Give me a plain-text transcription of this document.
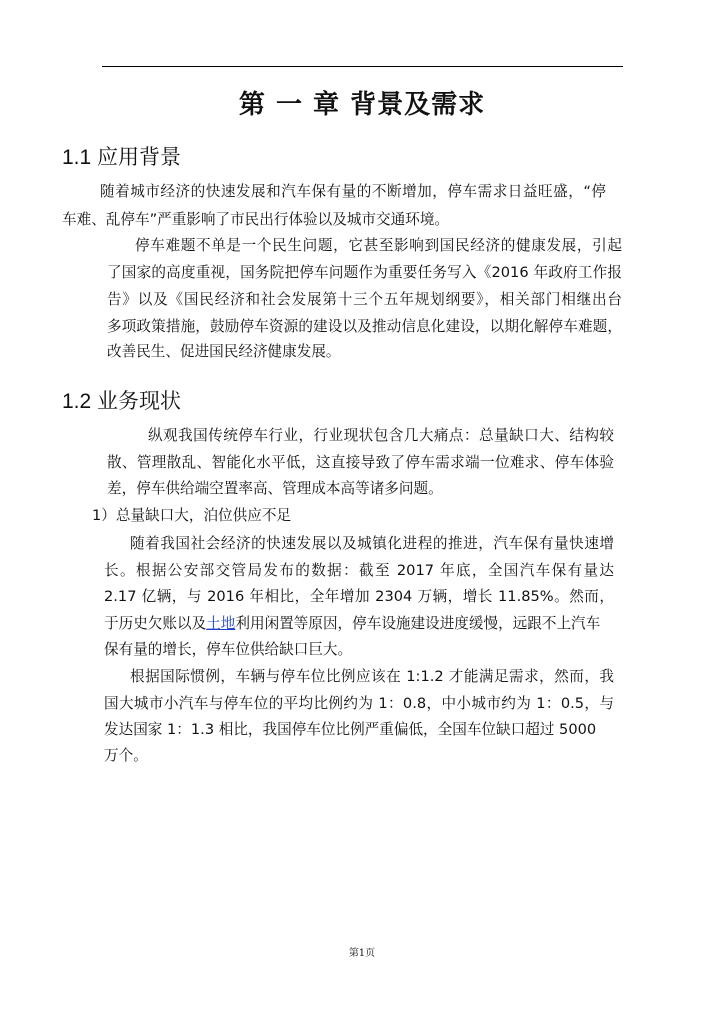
第 一 章 背景及需求
1.1 应用背景
随着城市经济的快速发展和汽车保有量的不断增加，停车需求日益旺盛，“停
车难、乱停车”严重影响了市民出行体验以及城市交通环境。
停车难题不单是一个民生问题，它甚至影响到国民经济的健康发展，引起
了国家的高度重视，国务院把停车问题作为重要任务写入《2016 年政府工作报
告》以及《国民经济和社会发展第十三个五年规划纲要》，相关部门相继出台
多项政策措施，鼓励停车资源的建设以及推动信息化建设，以期化解停车难题，
改善民生、促进国民经济健康发展。
1.2 业务现状
纵观我国传统停车行业，行业现状包含几大痛点：总量缺口大、结构较
散、管理散乱、智能化水平低，这直接导致了停车需求端一位难求、停车体验
差，停车供给端空置率高、管理成本高等诸多问题。
1）总量缺口大，泊位供应不足
随着我国社会经济的快速发展以及城镇化进程的推进，汽车保有量快速增
长。根据公安部交管局发布的数据：截至 2017 年底，全国汽车保有量达
2.17 亿辆，与 2016 年相比，全年增加 2304 万辆，增长 11.85%。然而，
于历史欠账以及土地利用闲置等原因，停车设施建设进度缓慢，远跟不上汽车
保有量的增长，停车位供给缺口巨大。
根据国际惯例，车辆与停车位比例应该在 1:1.2 才能满足需求，然而，我
国大城市小汽车与停车位的平均比例约为 1：0.8，中小城市约为 1：0.5，与
发达国家 1：1.3 相比，我国停车位比例严重偏低，全国车位缺口超过 5000
万个。
第1页
